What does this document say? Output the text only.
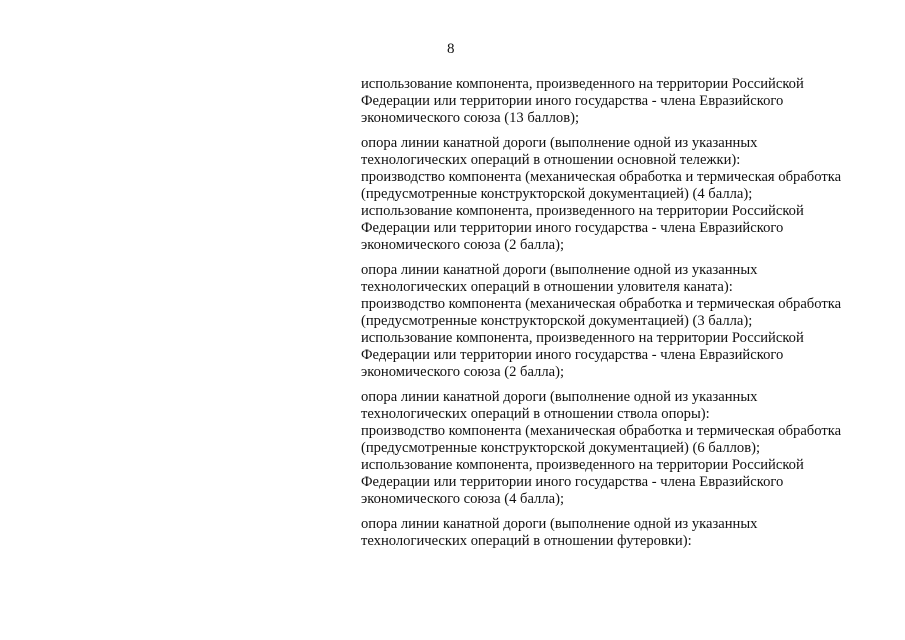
8

использование компонента, произведенного на территории Российской
Федерации или территории иного государства - члена Евразийского
экономического союза (13 баллов);

опора линии канатной дороги (выполнение одной из указанных
технологических операций в отношении основной тележки):
производство компонента (механическая обработка и термическая обработка
(предусмотренные конструкторской документацией) (4 балла);
использование компонента, произведенного на территории Российской
Федерации или территории иного государства - члена Евразийского
экономического союза (2 балла);

опора линии канатной дороги (выполнение одной из указанных
технологических операций в отношении уловителя каната):
производство компонента (механическая обработка и термическая обработка
(предусмотренные конструкторской документацией) (3 балла);
использование компонента, произведенного на территории Российской
Федерации или территории иного государства - члена Евразийского
экономического союза (2 балла);

опора линии канатной дороги (выполнение одной из указанных
технологических операций в отношении ствола опоры):
производство компонента (механическая обработка и термическая обработка
(предусмотренные конструкторской документацией) (6 баллов);
использование компонента, произведенного на территории Российской
Федерации или территории иного государства - члена Евразийского
экономического союза (4 балла);

опора линии канатной дороги (выполнение одной из указанных
технологических операций в отношении футеровки):
